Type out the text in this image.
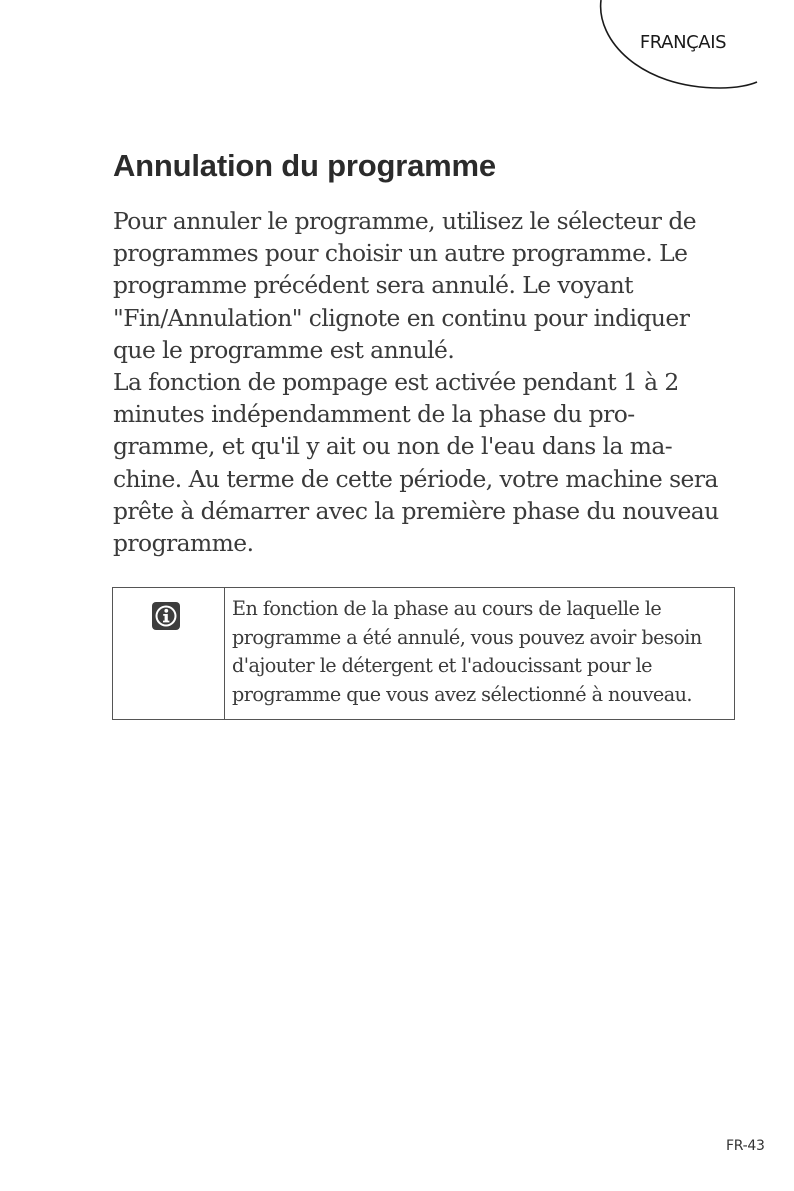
FRANÇAIS
Annulation du programme
Pour annuler le programme, utilisez le sélecteur de
programmes pour choisir un autre programme. Le
programme précédent sera annulé. Le voyant
"Fin/Annulation" clignote en continu pour indiquer
que le programme est annulé.
La fonction de pompage est activée pendant 1 à 2
minutes indépendamment de la phase du pro-
gramme, et qu'il y ait ou non de l'eau dans la ma-
chine. Au terme de cette période, votre machine sera
prête à démarrer avec la première phase du nouveau
programme.
En fonction de la phase au cours de laquelle le
programme a été annulé, vous pouvez avoir besoin
d'ajouter le détergent et l'adoucissant pour le
programme que vous avez sélectionné à nouveau.
FR-43
